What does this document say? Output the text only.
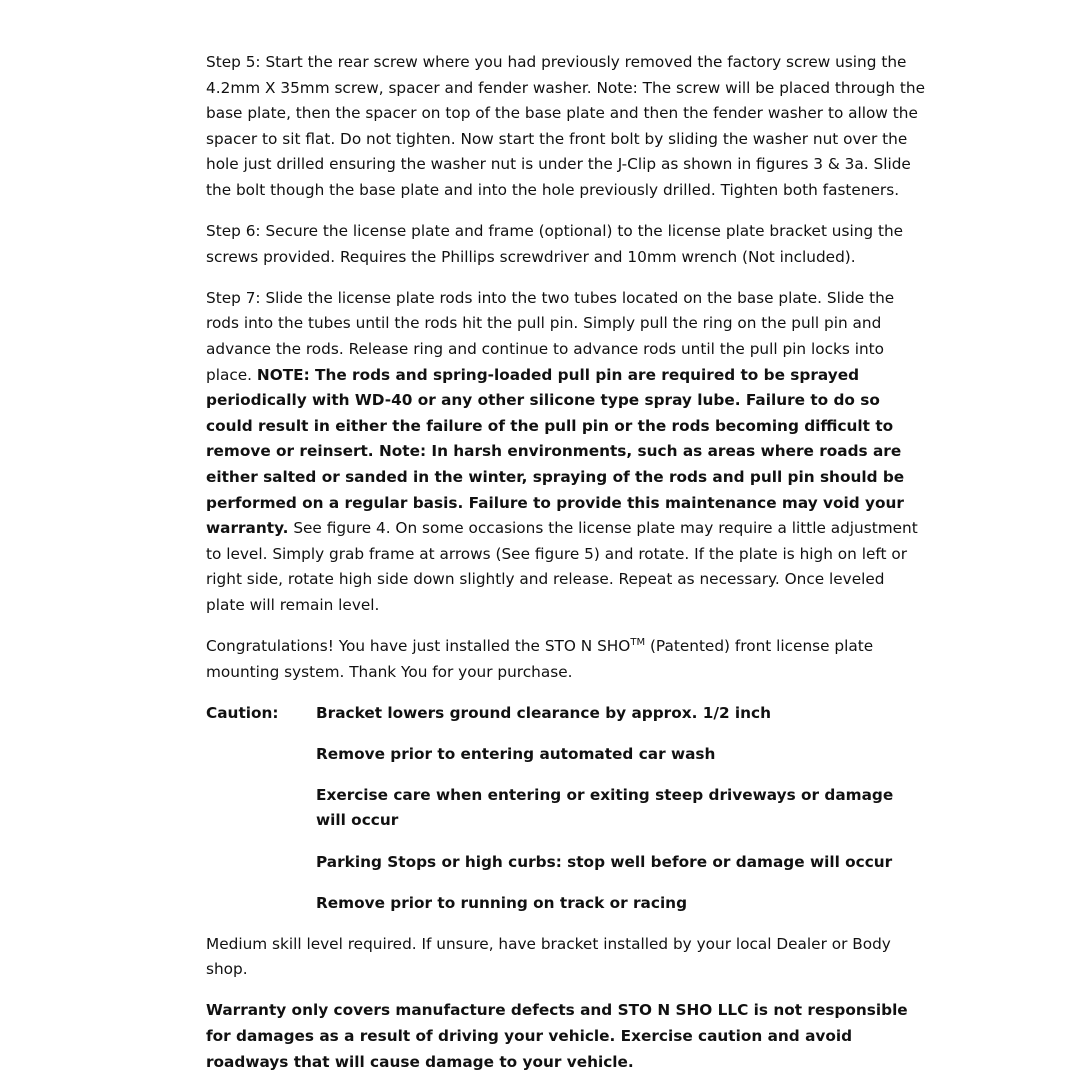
Step 5: Start the rear screw where you had previously removed the factory screw using the 4.2mm X 35mm screw, spacer and fender washer. Note: The screw will be placed through the base plate, then the spacer on top of the base plate and then the fender washer to allow the spacer to sit flat. Do not tighten. Now start the front bolt by sliding the washer nut over the hole just drilled ensuring the washer nut is under the J-Clip as shown in figures 3 & 3a. Slide the bolt though the base plate and into the hole previously drilled. Tighten both fasteners.

Step 6: Secure the license plate and frame (optional) to the license plate bracket using the screws provided. Requires the Phillips screwdriver and 10mm wrench (Not included).

Step 7: Slide the license plate rods into the two tubes located on the base plate. Slide the rods into the tubes until the rods hit the pull pin. Simply pull the ring on the pull pin and advance the rods. Release ring and continue to advance rods until the pull pin locks into place. NOTE: The rods and spring-loaded pull pin are required to be sprayed periodically with WD-40 or any other silicone type spray lube. Failure to do so could result in either the failure of the pull pin or the rods becoming difficult to remove or reinsert. Note: In harsh environments, such as areas where roads are either salted or sanded in the winter, spraying of the rods and pull pin should be performed on a regular basis. Failure to provide this maintenance may void your warranty. See figure 4. On some occasions the license plate may require a little adjustment to level. Simply grab frame at arrows (See figure 5) and rotate. If the plate is high on left or right side, rotate high side down slightly and release. Repeat as necessary. Once leveled plate will remain level.

Congratulations! You have just installed the STO N SHO™ (Patented) front license plate mounting system. Thank You for your purchase.

Caution:	Bracket lowers ground clearance by approx. 1/2 inch
Remove prior to entering automated car wash
Exercise care when entering or exiting steep driveways or damage will occur
Parking Stops or high curbs: stop well before or damage will occur
Remove prior to running on track or racing

Medium skill level required. If unsure, have bracket installed by your local Dealer or Body shop.

Warranty only covers manufacture defects and STO N SHO LLC is not responsible for damages as a result of driving your vehicle. Exercise caution and avoid roadways that will cause damage to your vehicle.
